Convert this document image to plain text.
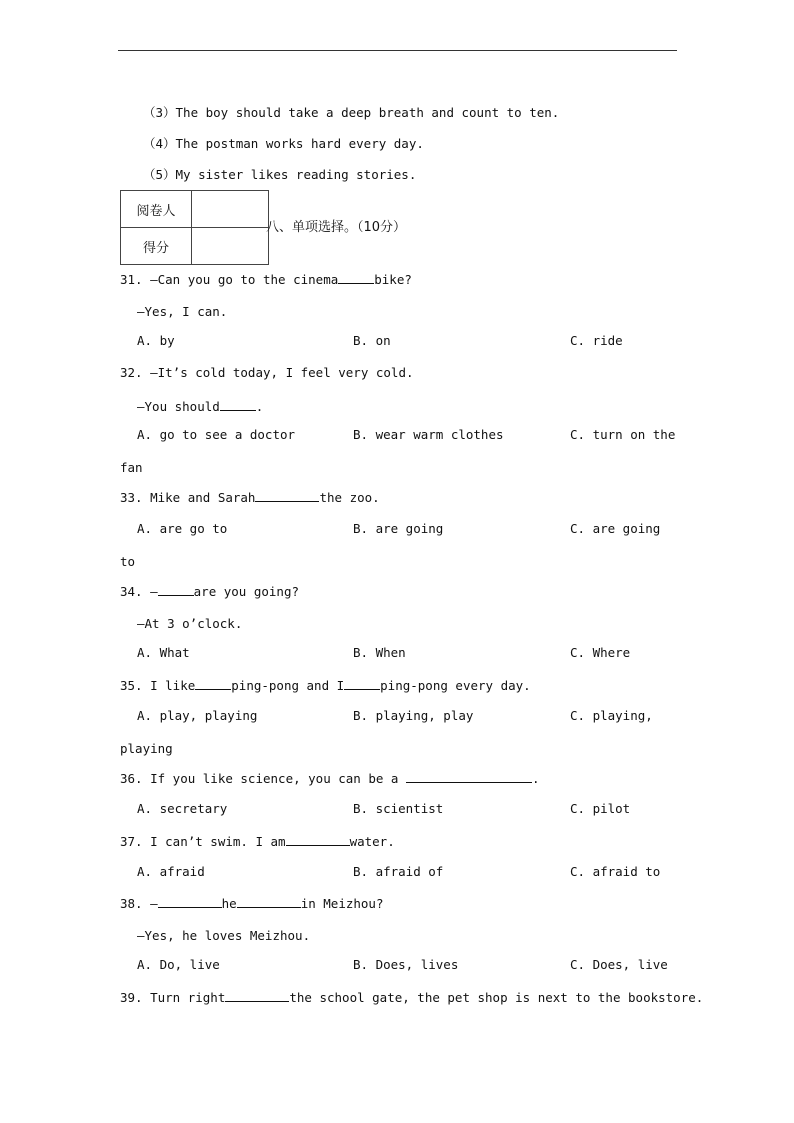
（3）The boy should take a deep breath and count to ten.
（4）The postman works hard every day.
（5）My sister likes reading stories.
阅卷人	
得分	
八、单项选择。（10分）
31. —Can you go to the cinema	bike?
—Yes, I can.
A. by	B. on	C. ride
32. —It’s cold today, I feel very cold.
—You should	.
A. go to see a doctor	B. wear warm clothes	C. turn on the
fan
33. Mike and Sarah	the zoo.
A. are go to	B. are going	C. are going
to
34. —	are you going?
—At 3 o’clock.
A. What	B. When	C. Where
35. I like	ping-pong and I	ping-pong every day.
A. play, playing	B. playing, play	C. playing,
playing
36. If you like science, you can be a	.
A. secretary	B. scientist	C. pilot
37. I can’t swim. I am	water.
A. afraid	B. afraid of	C. afraid to
38. —	he	in Meizhou?
—Yes, he loves Meizhou.
A. Do, live	B. Does, lives	C. Does, live
39. Turn right	the school gate, the pet shop is next to the bookstore.
